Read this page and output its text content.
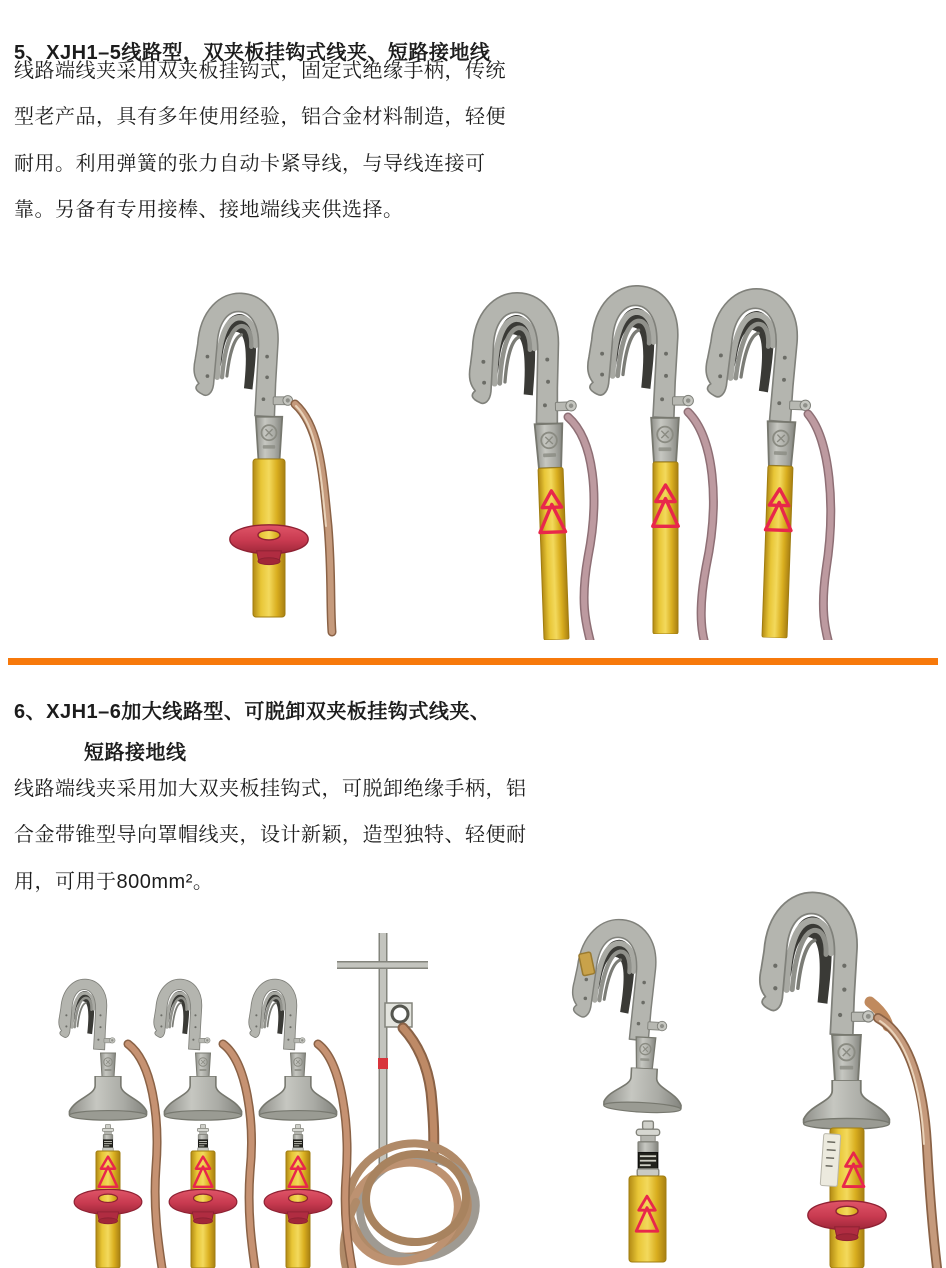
5、XJH1–5线路型，双夹板挂钩式线夹、短路接地线
线路端线夹采用双夹板挂钩式，固定式绝缘手柄，传统
型老产品，具有多年使用经验，铝合金材料制造，轻便
耐用。利用弹簧的张力自动卡紧导线，与导线连接可
靠。另备有专用接棒、接地端线夹供选择。
6、XJH1–6加大线路型、可脱卸双夹板挂钩式线夹、
短路接地线
线路端线夹采用加大双夹板挂钩式，可脱卸绝缘手柄，铝
合金带锥型导向罩帽线夹，设计新颖，造型独特、轻便耐
用，可用于800mm²。
